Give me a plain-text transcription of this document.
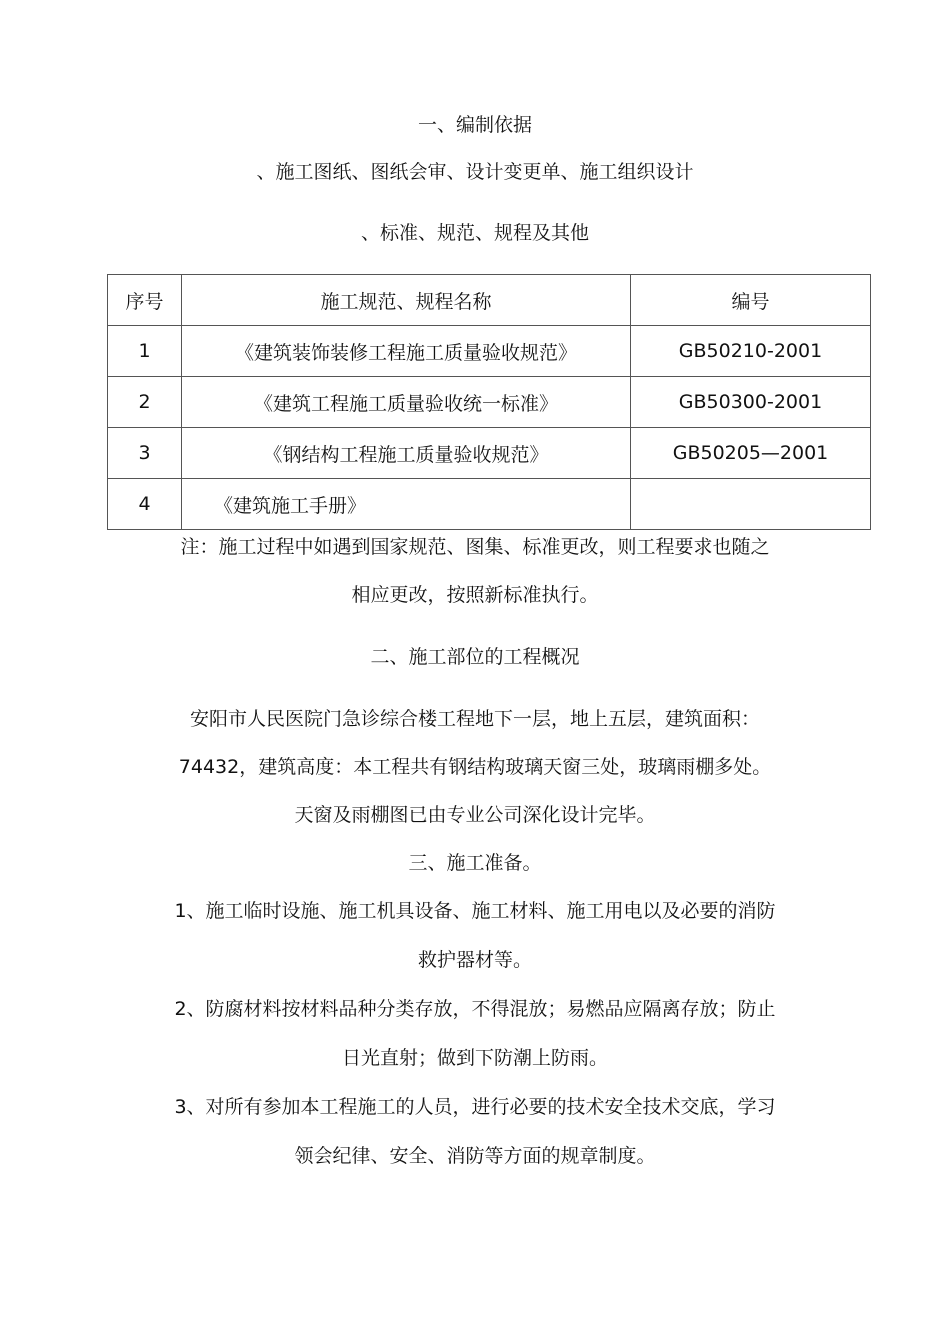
一、编制依据
、施工图纸、图纸会审、设计变更单、施工组织设计
、标准、规范、规程及其他
序号	施工规范、规程名称	编号
1	《建筑装饰装修工程施工质量验收规范》	GB50210-2001
2	《建筑工程施工质量验收统一标准》	GB50300-2001
3	《钢结构工程施工质量验收规范》	GB50205—2001
4	《建筑施工手册》	
注：施工过程中如遇到国家规范、图集、标准更改，则工程要求也随之
相应更改，按照新标准执行。
二、施工部位的工程概况
安阳市人民医院门急诊综合楼工程地下一层，地上五层，建筑面积：
74432，建筑高度：本工程共有钢结构玻璃天窗三处，玻璃雨棚多处。
天窗及雨棚图已由专业公司深化设计完毕。
三、施工准备。
1、施工临时设施、施工机具设备、施工材料、施工用电以及必要的消防
救护器材等。
2、防腐材料按材料品种分类存放，不得混放；易燃品应隔离存放；防止
日光直射；做到下防潮上防雨。
3、对所有参加本工程施工的人员，进行必要的技术安全技术交底，学习
领会纪律、安全、消防等方面的规章制度。
